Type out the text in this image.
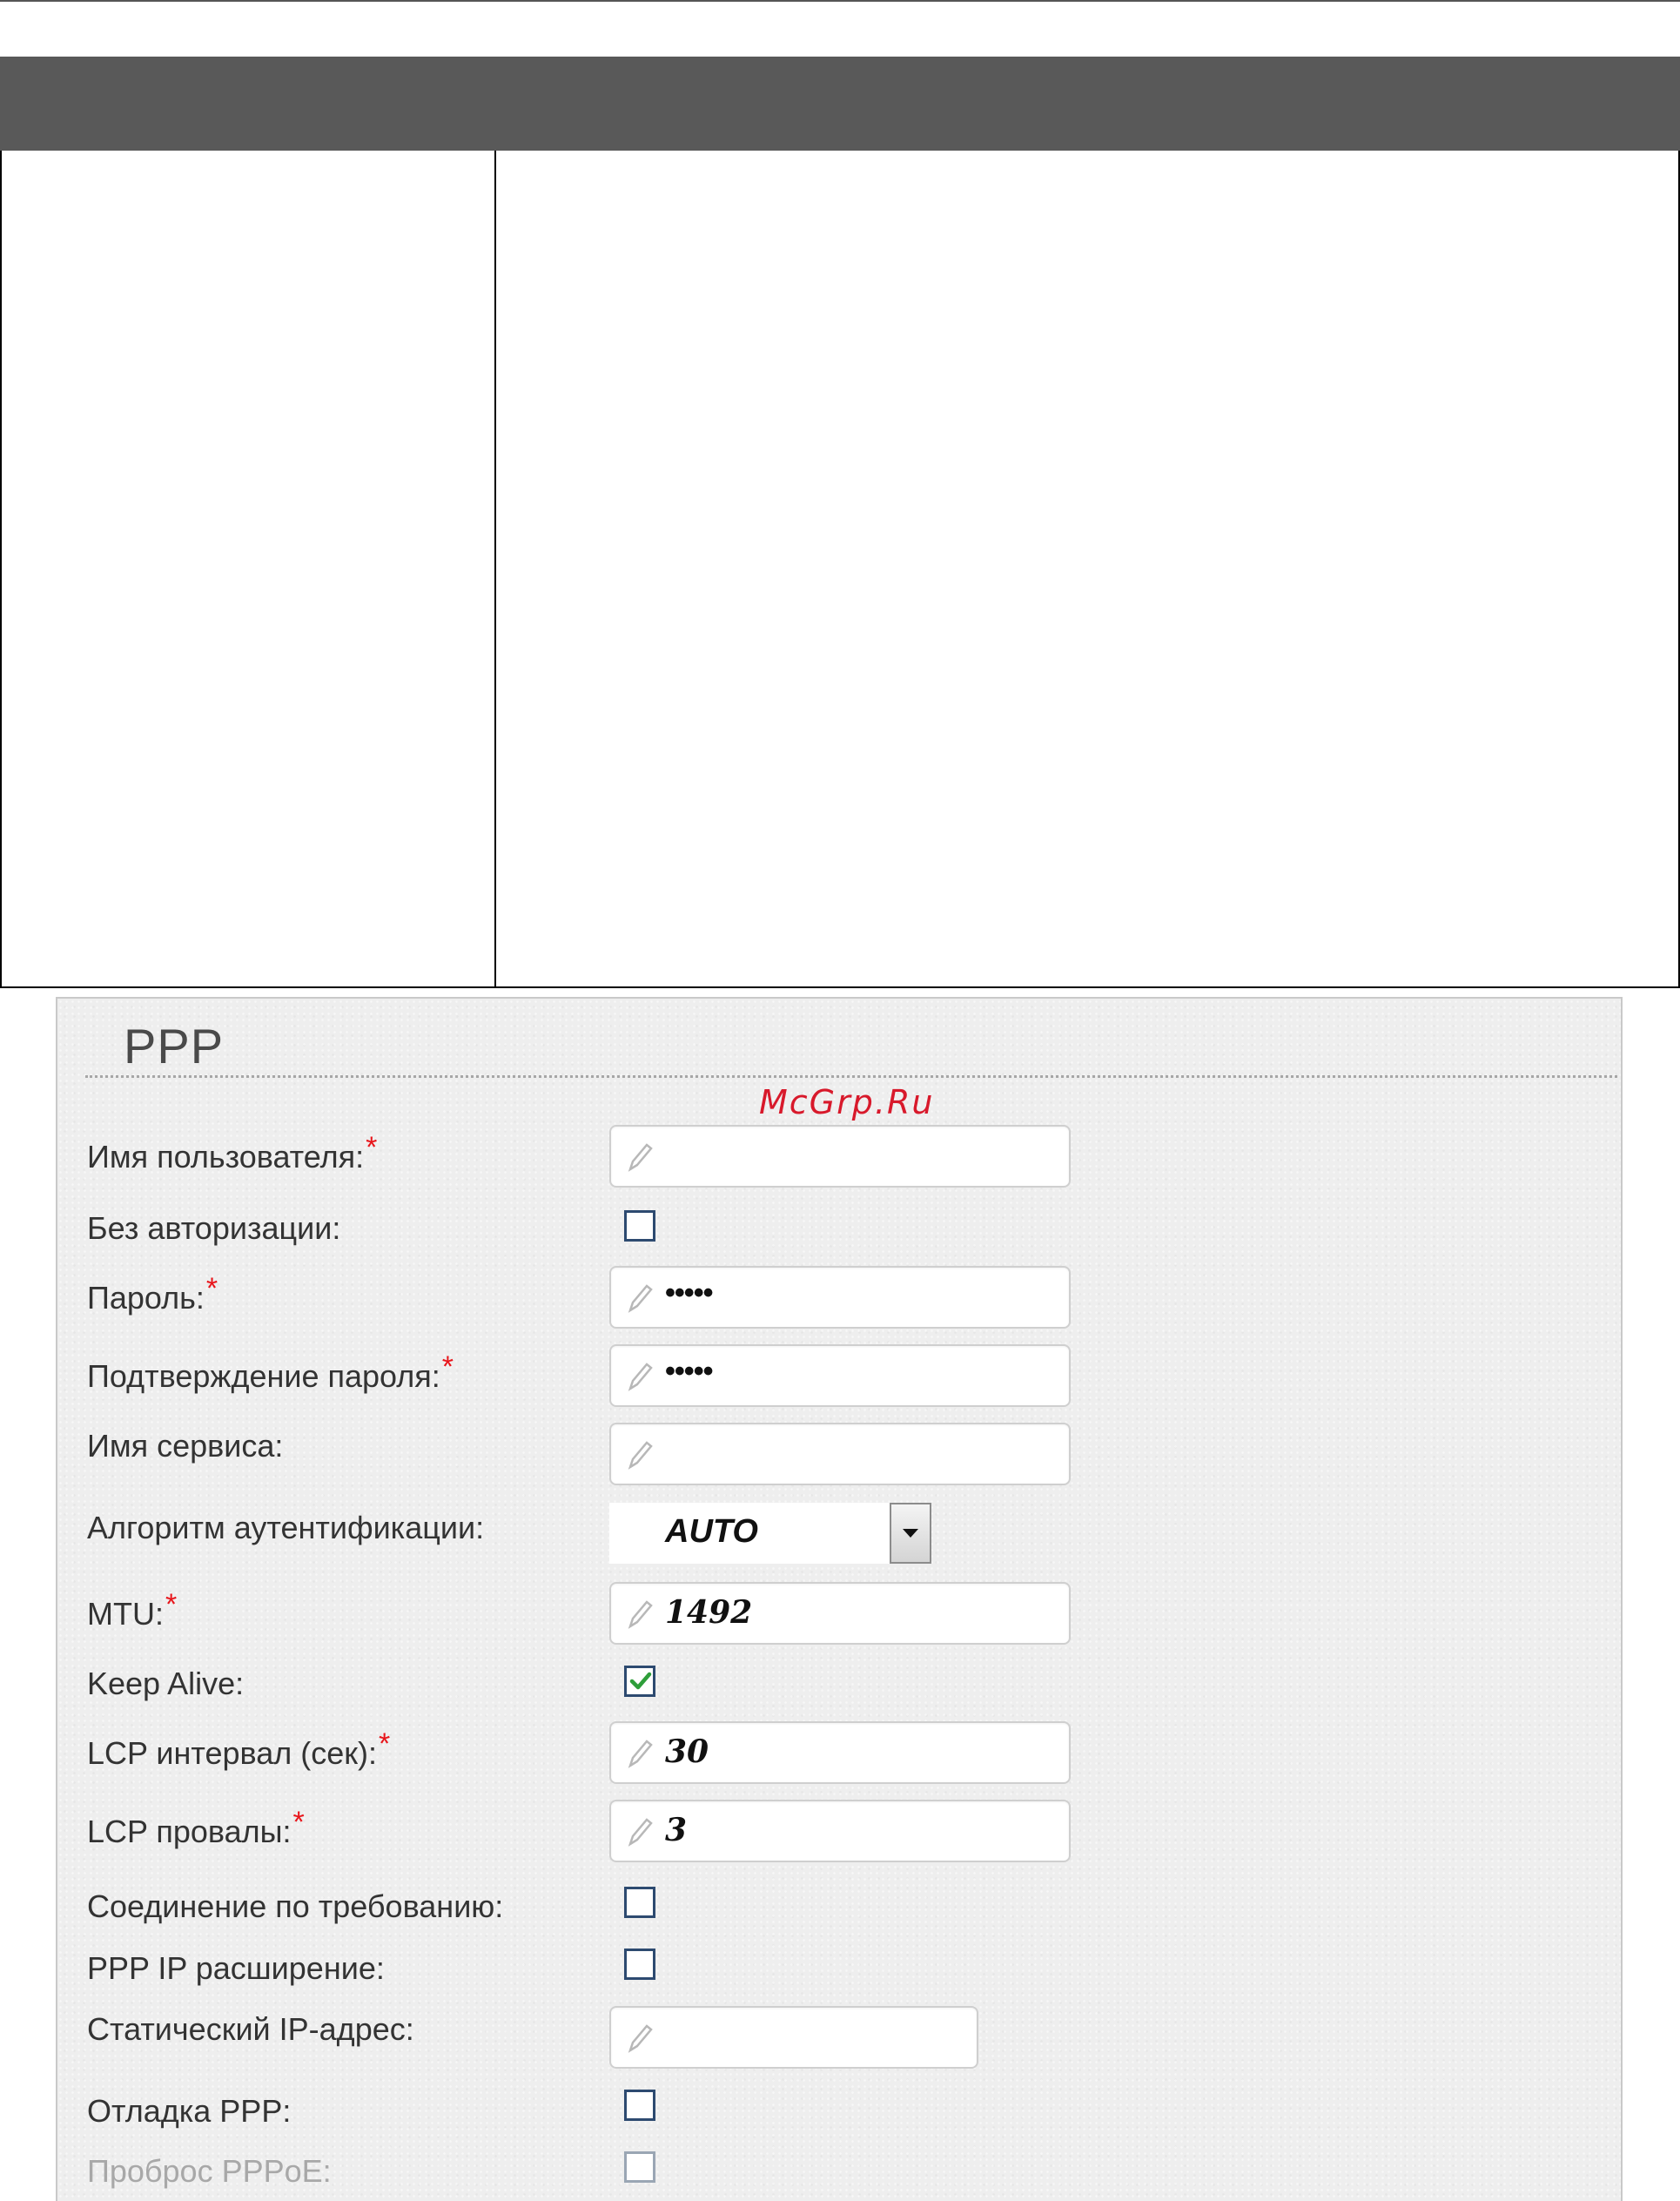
PPP
McGrp.Ru
Имя пользователя:*
Без авторизации:
Пароль:*	•••••
Подтверждение пароля:*	•••••
Имя сервиса:
Алгоритм аутентификации:	AUTO
MTU:*	1492
Keep Alive:
LCP интервал (сек):*	30
LCP провалы:*	3
Соединение по требованию:
PPP IP расширение:
Статический IP-адрес:
Отладка PPP:
Проброс PPPoE:
